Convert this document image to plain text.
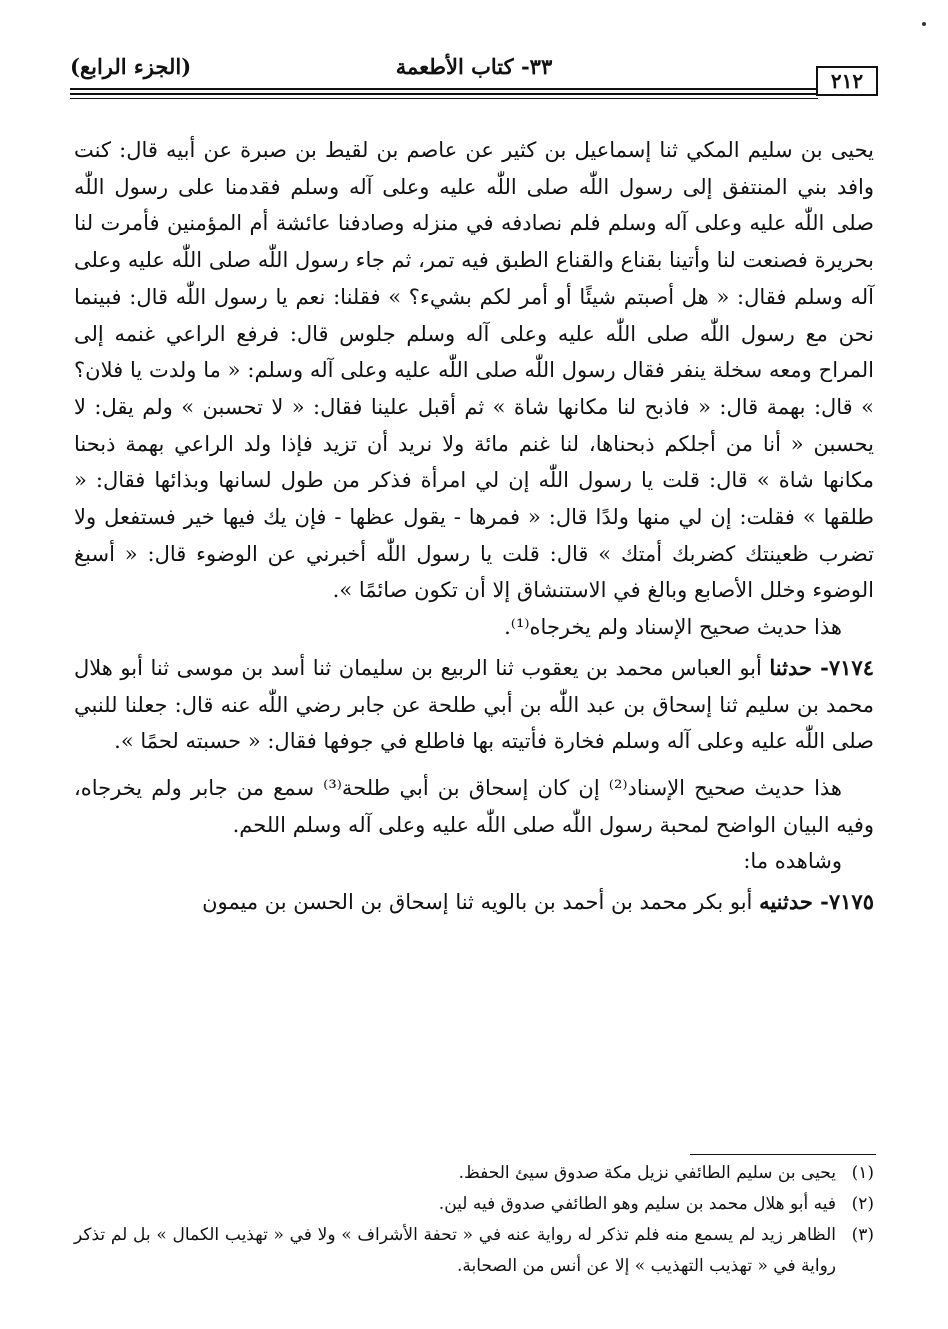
(الجزء الرابع)	٣٣- كتاب الأطعمة
٢١٢

يحيى بن سليم المكي ثنا إسماعيل بن كثير عن عاصم بن لقيط بن صبرة عن أبيه قال: كنت وافد بني المنتفق إلى رسول اللّٰه صلى اللّٰه عليه وعلى آله وسلم فقدمنا على رسول اللّٰه صلى اللّٰه عليه وعلى آله وسلم فلم نصادفه في منزله وصادفنا عائشة أم المؤمنين فأمرت لنا بحريرة فصنعت لنا وأتينا بقناع والقناع الطبق فيه تمر، ثم جاء رسول اللّٰه صلى اللّٰه عليه وعلى آله وسلم فقال: « هل أصبتم شيئًا أو أمر لكم بشيء؟ » فقلنا: نعم يا رسول اللّٰه قال: فبينما نحن مع رسول اللّٰه صلى اللّٰه عليه وعلى آله وسلم جلوس قال: فرفع الراعي غنمه إلى المراح ومعه سخلة ينفر فقال رسول اللّٰه صلى اللّٰه عليه وعلى آله وسلم: « ما ولدت يا فلان؟ » قال: بهمة قال: « فاذبح لنا مكانها شاة » ثم أقبل علينا فقال: « لا تحسبن » ولم يقل: لا يحسبن « أنا من أجلكم ذبحناها، لنا غنم مائة ولا نريد أن تزيد فإذا ولد الراعي بهمة ذبحنا مكانها شاة » قال: قلت يا رسول اللّٰه إن لي امرأة فذكر من طول لسانها وبذائها فقال: « طلقها » فقلت: إن لي منها ولدًا قال: « فمرها - يقول عظها - فإن يك فيها خير فستفعل ولا تضرب ظعينتك كضربك أمتك » قال: قلت يا رسول اللّٰه أخبرني عن الوضوء قال: « أسبغ الوضوء وخلل الأصابع وبالغ في الاستنشاق إلا أن تكون صائمًا ».

هذا حديث صحيح الإسناد ولم يخرجاه⁽¹⁾.

٧١٧٤- حدثنا أبو العباس محمد بن يعقوب ثنا الربيع بن سليمان ثنا أسد بن موسى ثنا أبو هلال محمد بن سليم ثنا إسحاق بن عبد اللّٰه بن أبي طلحة عن جابر رضي اللّٰه عنه قال: جعلنا للنبي صلى اللّٰه عليه وعلى آله وسلم فخارة فأتيته بها فاطلع في جوفها فقال: « حسبته لحمًا ».

هذا حديث صحيح الإسناد⁽²⁾ إن كان إسحاق بن أبي طلحة⁽³⁾ سمع من جابر ولم يخرجاه، وفيه البيان الواضح لمحبة رسول اللّٰه صلى اللّٰه عليه وعلى آله وسلم اللحم.

وشاهده ما:

٧١٧٥- حدثنيه أبو بكر محمد بن أحمد بن بالويه ثنا إسحاق بن الحسن بن ميمون

(١)
يحيى بن سليم الطائفي نزيل مكة صدوق سيئ الحفظ.
(٢)
فيه أبو هلال محمد بن سليم وهو الطائفي صدوق فيه لين.
(٣)
الظاهر زيد لم يسمع منه فلم تذكر له رواية عنه في « تحفة الأشراف » ولا في « تهذيب الكمال » بل لم تذكر رواية في « تهذيب التهذيب » إلا عن أنس من الصحابة.
